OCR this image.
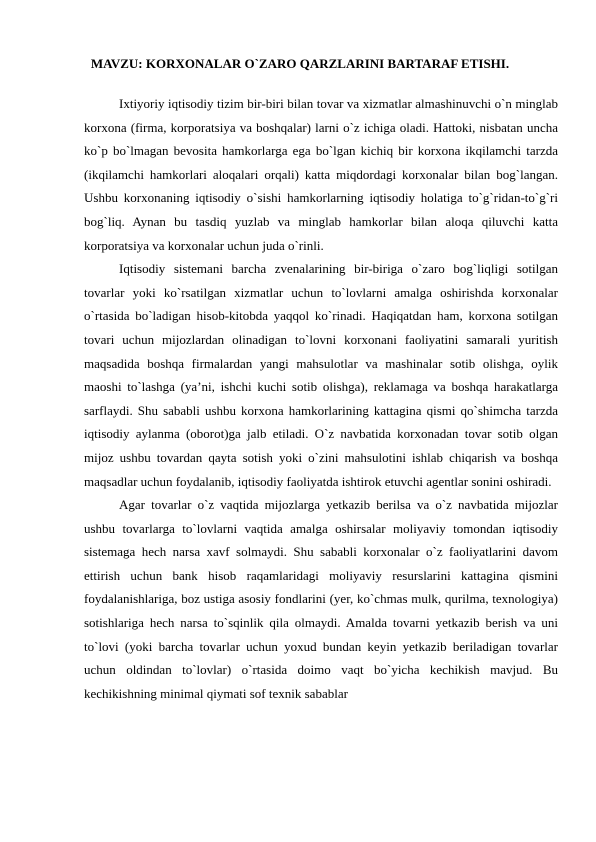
MAVZU: KORXONALAR O`ZARO QARZLARINI BARTARAF ETISHI.

Ixtiyoriy iqtisodiy tizim bir-biri bilan tovar va xizmatlar almashinuvchi o`n minglab korxona (firma, korporatsiya va boshqalar) larni o`z ichiga oladi. Hattoki, nisbatan uncha ko`p bo`lmagan bevosita hamkorlarga ega bo`lgan kichiq bir korxona ikqilamchi tarzda (ikqilamchi hamkorlari aloqalari orqali) katta miqdordagi korxonalar bilan bog`langan. Ushbu korxonaning iqtisodiy o`sishi hamkorlarning iqtisodiy holatiga to`g`ridan-to`g`ri bog`liq. Aynan bu tasdiq yuzlab va minglab hamkorlar bilan aloqa qiluvchi katta korporatsiya va korxonalar uchun juda o`rinli.

Iqtisodiy sistemani barcha zvenalarining bir-biriga o`zaro bog`liqligi sotilgan tovarlar yoki ko`rsatilgan xizmatlar uchun to`lovlarni amalga oshirishda korxonalar o`rtasida bo`ladigan hisob-kitobda yaqqol ko`rinadi. Haqiqatdan ham, korxona sotilgan tovari uchun mijozlardan olinadigan to`lovni korxonani faoliyatini samarali yuritish maqsadida boshqa firmalardan yangi mahsulotlar va mashinalar sotib olishga, oylik maoshi to`lashga (ya’ni, ishchi kuchi sotib olishga), reklamaga va boshqa harakatlarga sarflaydi. Shu sababli ushbu korxona hamkorlarining kattagina qismi qo`shimcha tarzda iqtisodiy aylanma (oborot)ga jalb etiladi. O`z navbatida korxonadan tovar sotib olgan mijoz ushbu tovardan qayta sotish yoki o`zini mahsulotini ishlab chiqarish va boshqa maqsadlar uchun foydalanib, iqtisodiy faoliyatda ishtirok etuvchi agentlar sonini oshiradi.

Agar tovarlar o`z vaqtida mijozlarga yetkazib berilsa va o`z navbatida mijozlar ushbu tovarlarga to`lovlarni vaqtida amalga oshirsalar moliyaviy tomondan iqtisodiy sistemaga hech narsa xavf solmaydi. Shu sababli korxonalar o`z faoliyatlarini davom ettirish uchun bank hisob raqamlaridagi moliyaviy resurslarini kattagina qismini foydalanishlariga, boz ustiga asosiy fondlarini (yer, ko`chmas mulk, qurilma, texnologiya) sotishlariga hech narsa to`sqinlik qila olmaydi. Amalda tovarni yetkazib berish va uni to`lovi (yoki barcha tovarlar uchun yoxud bundan keyin yetkazib beriladigan tovarlar uchun oldindan to`lovlar) o`rtasida doimo vaqt bo`yicha kechikish mavjud. Bu kechikishning minimal qiymati sof texnik sabablar
